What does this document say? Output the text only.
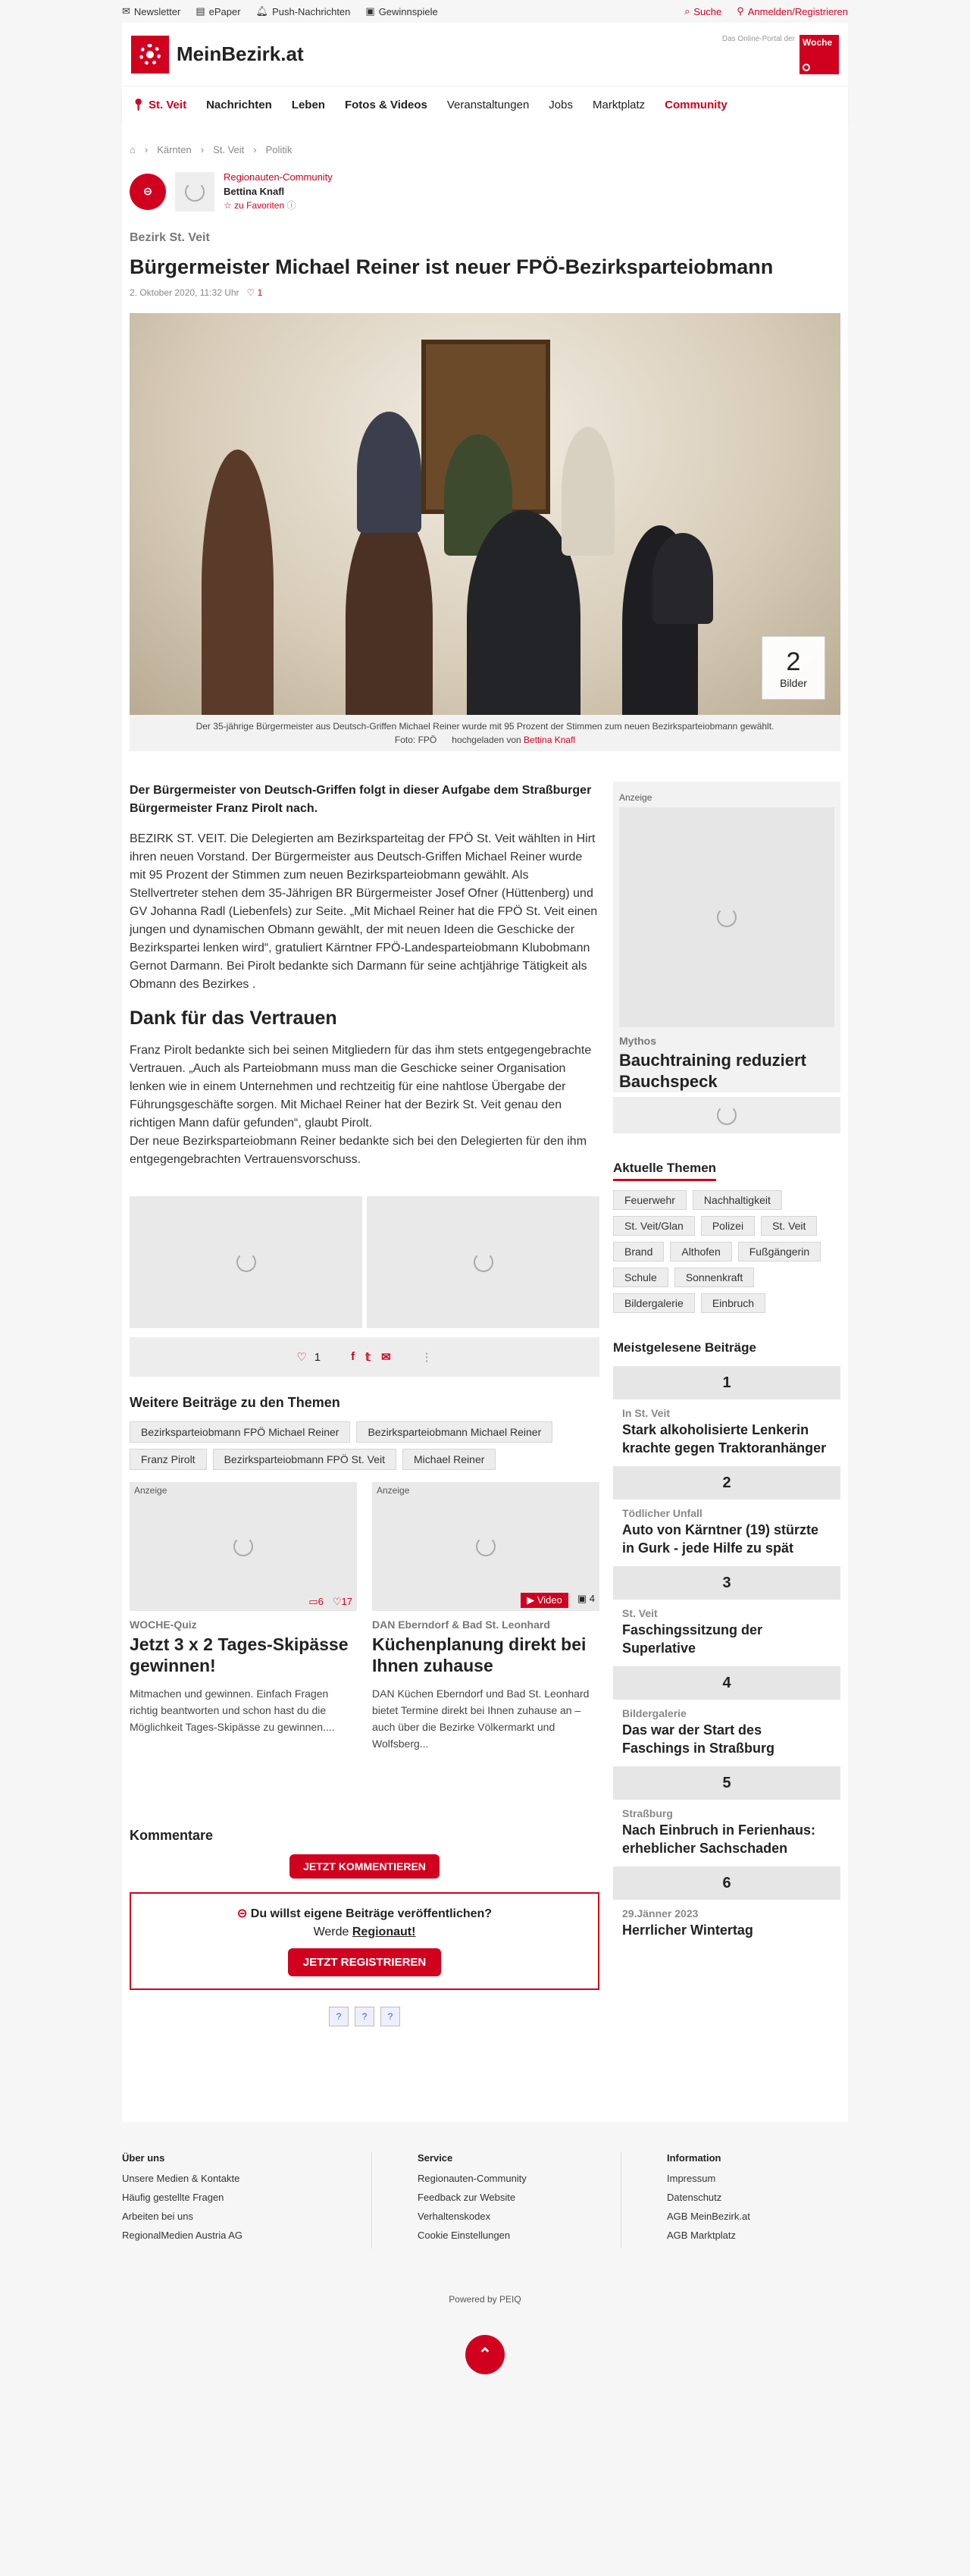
✉ Newsletter ▤ ePaper 🔔︎ Push-Nachrichten ▣ Gewinnspiele	⌕ Suche ⚲ Anmelden/Registrieren
MeinBezirk.at
Das Online-Portal der Woche
📍︎ St. Veit Nachrichten Leben Fotos & Videos Veranstaltungen Jobs Marktplatz Community
⌂ › Kärnten › St. Veit › Politik
⊝
Regionauten-Community
Bettina Knafl
☆ zu Favoriten ⓘ
Bezirk St. Veit
Bürgermeister Michael Reiner ist neuer FPÖ-Bezirksparteiobmann
2. Oktober 2020, 11:32 Uhr ♡ 1
2
Bilder
Der 35-jährige Bürgermeister aus Deutsch-Griffen Michael Reiner wurde mit 95 Prozent der Stimmen zum neuen Bezirksparteiobmann gewählt.
Foto: FPÖ hochgeladen von Bettina Knafl

Der Bürgermeister von Deutsch-Griffen folgt in dieser Aufgabe dem Straßburger Bürgermeister Franz Pirolt nach.

BEZIRK ST. VEIT. Die Delegierten am Bezirksparteitag der FPÖ St. Veit wählten in Hirt ihren neuen Vorstand. Der Bürgermeister aus Deutsch-Griffen Michael Reiner wurde mit 95 Prozent der Stimmen zum neuen Bezirksparteiobmann gewählt. Als Stellvertreter stehen dem 35-Jährigen BR Bürgermeister Josef Ofner (Hüttenberg) und GV Johanna Radl (Liebenfels) zur Seite. „Mit Michael Reiner hat die FPÖ St. Veit einen jungen und dynamischen Obmann gewählt, der mit neuen Ideen die Geschicke der Bezirkspartei lenken wird“, gratuliert Kärntner FPÖ-Landesparteiobmann Klubobmann Gernot Darmann. Bei Pirolt bedankte sich Darmann für seine achtjährige Tätigkeit als Obmann des Bezirkes .

Dank für das Vertrauen

Franz Pirolt bedankte sich bei seinen Mitgliedern für das ihm stets entgegengebrachte Vertrauen. „Auch als Parteiobmann muss man die Geschicke seiner Organisation lenken wie in einem Unternehmen und rechtzeitig für eine nahtlose Übergabe der Führungsgeschäfte sorgen. Mit Michael Reiner hat der Bezirk St. Veit genau den richtigen Mann dafür gefunden“, glaubt Pirolt.

Der neue Bezirksparteiobmann Reiner bedankte sich bei den Delegierten für den ihm entgegengebrachten Vertrauensvorschuss.

♡ 1	f 𝕥 ✉	⋮
Weitere Beiträge zu den Themen
Bezirksparteiobmann FPÖ Michael Reiner	Bezirksparteiobmann Michael Reiner
Franz Pirolt	Bezirksparteiobmann FPÖ St. Veit	Michael Reiner
Anzeige
▭6 ♡17
WOCHE-Quiz
Jetzt 3 x 2 Tages-Skipässe gewinnen!
Mitmachen und gewinnen. Einfach Fragen richtig beantworten und schon hast du die Möglichkeit Tages-Skipässe zu gewinnen....
Anzeige
▶ Video	▣ 4
DAN Eberndorf & Bad St. Leonhard
Küchenplanung direkt bei Ihnen zuhause
DAN Küchen Eberndorf und Bad St. Leonhard bietet Termine direkt bei Ihnen zuhause an – auch über die Bezirke Völkermarkt und Wolfsberg...
Kommentare
JETZT KOMMENTIEREN
⊝ Du willst eigene Beiträge veröffentlichen?
Werde Regionaut!
JETZT REGISTRIEREN
?	?	?
Anzeige
Mythos
Bauchtraining reduziert Bauchspeck
Aktuelle Themen
Feuerwehr	Nachhaltigkeit
St. Veit/Glan	Polizei	St. Veit
Brand	Althofen	Fußgängerin
Schule	Sonnenkraft
Bildergalerie	Einbruch
Meistgelesene Beiträge
1
In St. Veit
Stark alkoholisierte Lenkerin krachte gegen Traktoranhänger
2
Tödlicher Unfall
Auto von Kärntner (19) stürzte in Gurk - jede Hilfe zu spät
3
St. Veit
Faschingssitzung der Superlative
4
Bildergalerie
Das war der Start des Faschings in Straßburg
5
Straßburg
Nach Einbruch in Ferienhaus: erheblicher Sachschaden
6
29.Jänner 2023
Herrlicher Wintertag
Über uns
Unsere Medien & Kontakte
Häufig gestellte Fragen
Arbeiten bei uns
RegionalMedien Austria AG
Service
Regionauten-Community
Feedback zur Website
Verhaltenskodex
Cookie Einstellungen
Information
Impressum
Datenschutz
AGB MeinBezirk.at
AGB Marktplatz
Powered by PEIQ
⌃
